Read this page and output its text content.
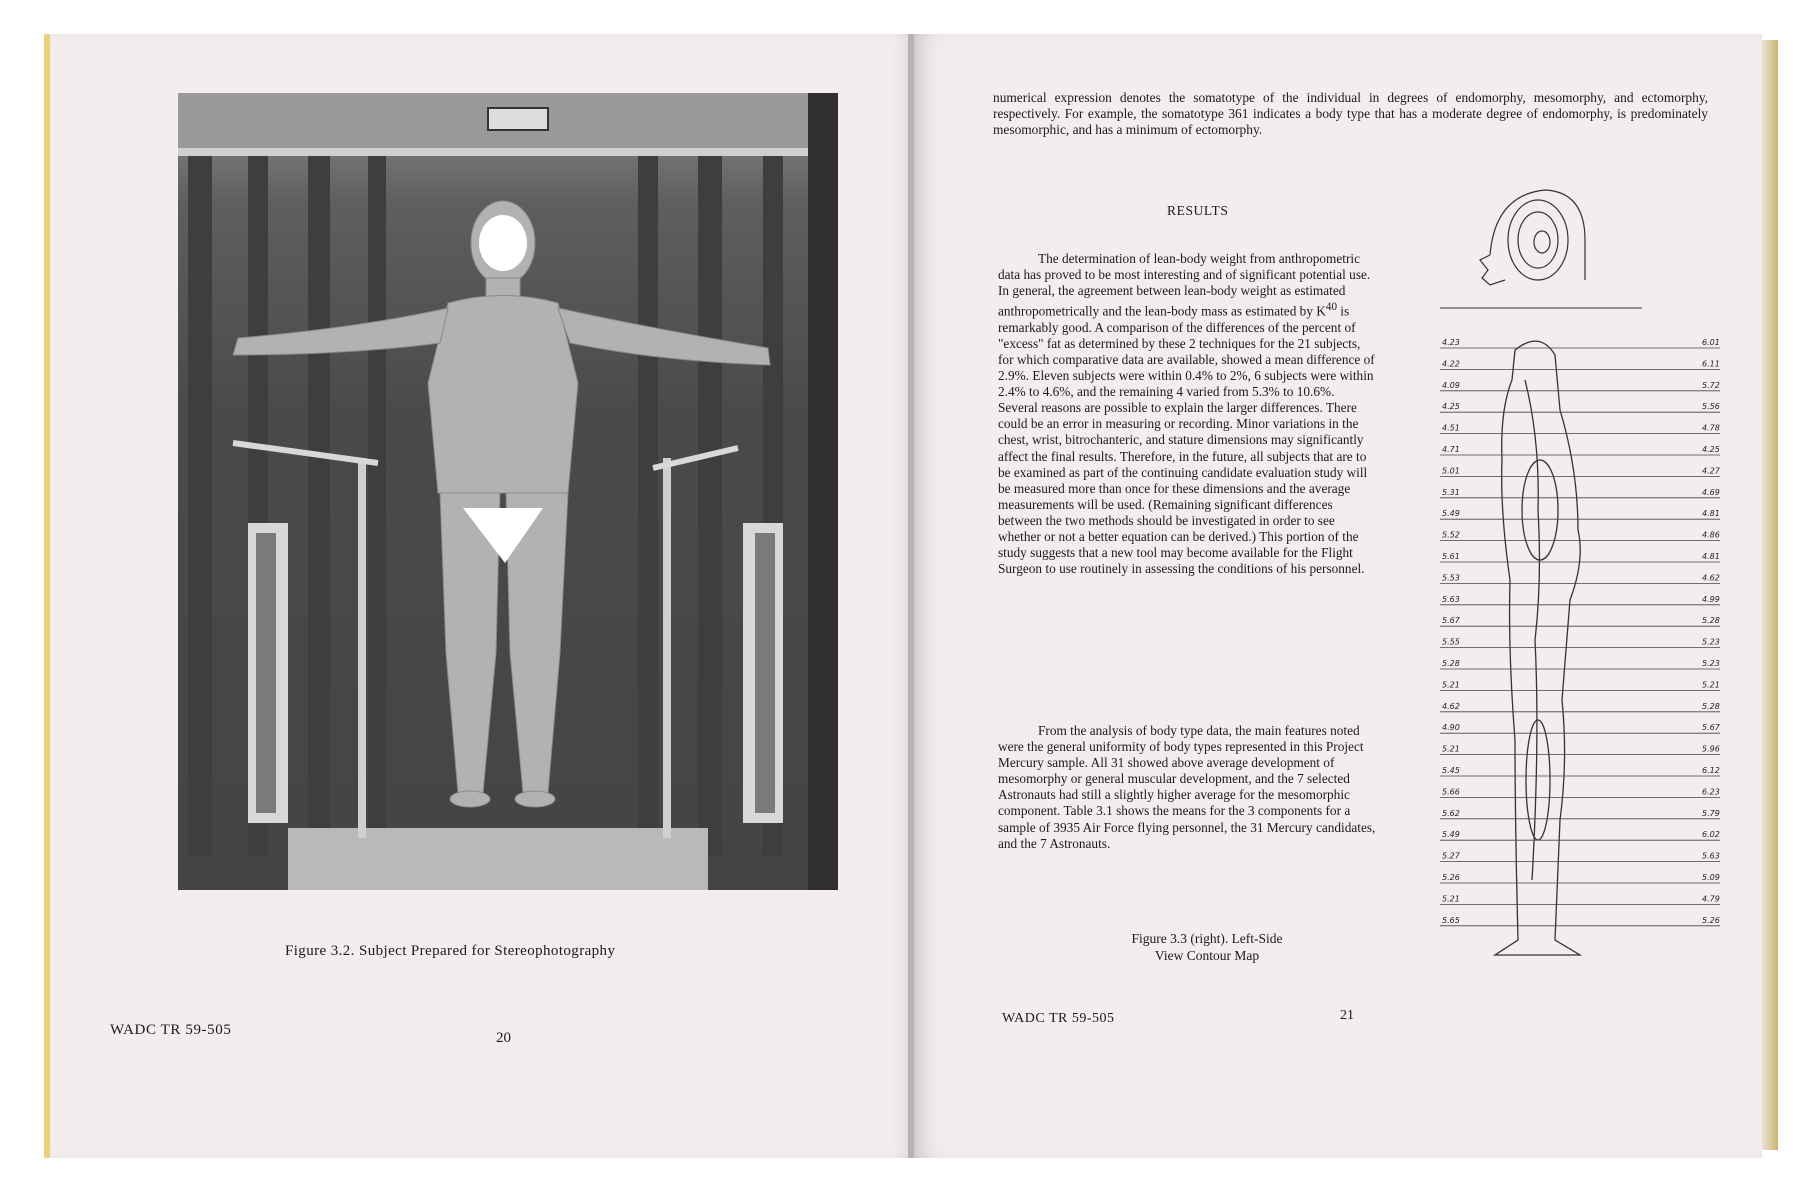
Figure 3.2. Subject Prepared for Stereophotography
WADC TR 59-505	20
numerical expression denotes the somatotype of the individual in degrees of endomorphy, mesomorphy, and ectomorphy, respectively. For example, the somatotype 361 indicates a body type that has a moderate degree of endomorphy, is predominately mesomorphic, and has a minimum of ectomorphy.
RESULTS

The determination of lean-body weight from anthropometric data has proved to be most interesting and of significant potential use. In general, the agreement between lean-body weight as estimated anthropometrically and the lean-body mass as estimated by $K^{40}$ is remarkably good. A comparison of the differences of the percent of "excess" fat as determined by these 2 techniques for the 21 subjects, for which comparative data are available, showed a mean difference of 2.9%. Eleven subjects were within 0.4% to 2%, 6 subjects were within 2.4% to 4.6%, and the remaining 4 varied from 5.3% to 10.6%. Several reasons are possible to explain the larger differences. There could be an error in measuring or recording. Minor variations in the chest, wrist, bitrochanteric, and stature dimensions may significantly affect the final results. Therefore, in the future, all subjects that are to be examined as part of the continuing candidate evaluation study will be measured more than once for these dimensions and the average measurements will be used. (Remaining significant differences between the two methods should be investigated in order to see whether or not a better equation can be derived.) This portion of the study suggests that a new tool may become available for the Flight Surgeon to use routinely in assessing the conditions of his personnel.

From the analysis of body type data, the main features noted were the general uniformity of body types represented in this Project Mercury sample. All 31 showed above average development of mesomorphy or general muscular development, and the 7 selected Astronauts had still a slightly higher average for the mesomorphic component. Table 3.1 shows the means for the 3 components for a sample of 3935 Air Force flying personnel, the 31 Mercury candidates, and the 7 Astronauts.

Figure 3.3 (right). Left-Side
View Contour Map
WADC TR 59-505	21
4.23	6.01
4.22	6.11
4.09	5.72
4.25	5.56
4.51	4.78
4.71	4.25
5.01	4.27
5.31	4.69
5.49	4.81
5.52	4.86
5.61	4.81
5.53	4.62
5.63	4.99
5.67	5.28
5.55	5.23
5.28	5.23
5.21	5.21
4.62	5.28
4.90	5.67
5.21	5.96
5.45	6.12
5.66	6.23
5.62	5.79
5.49	6.02
5.27	5.63
5.26	5.09
5.21	4.79
5.65	5.26
